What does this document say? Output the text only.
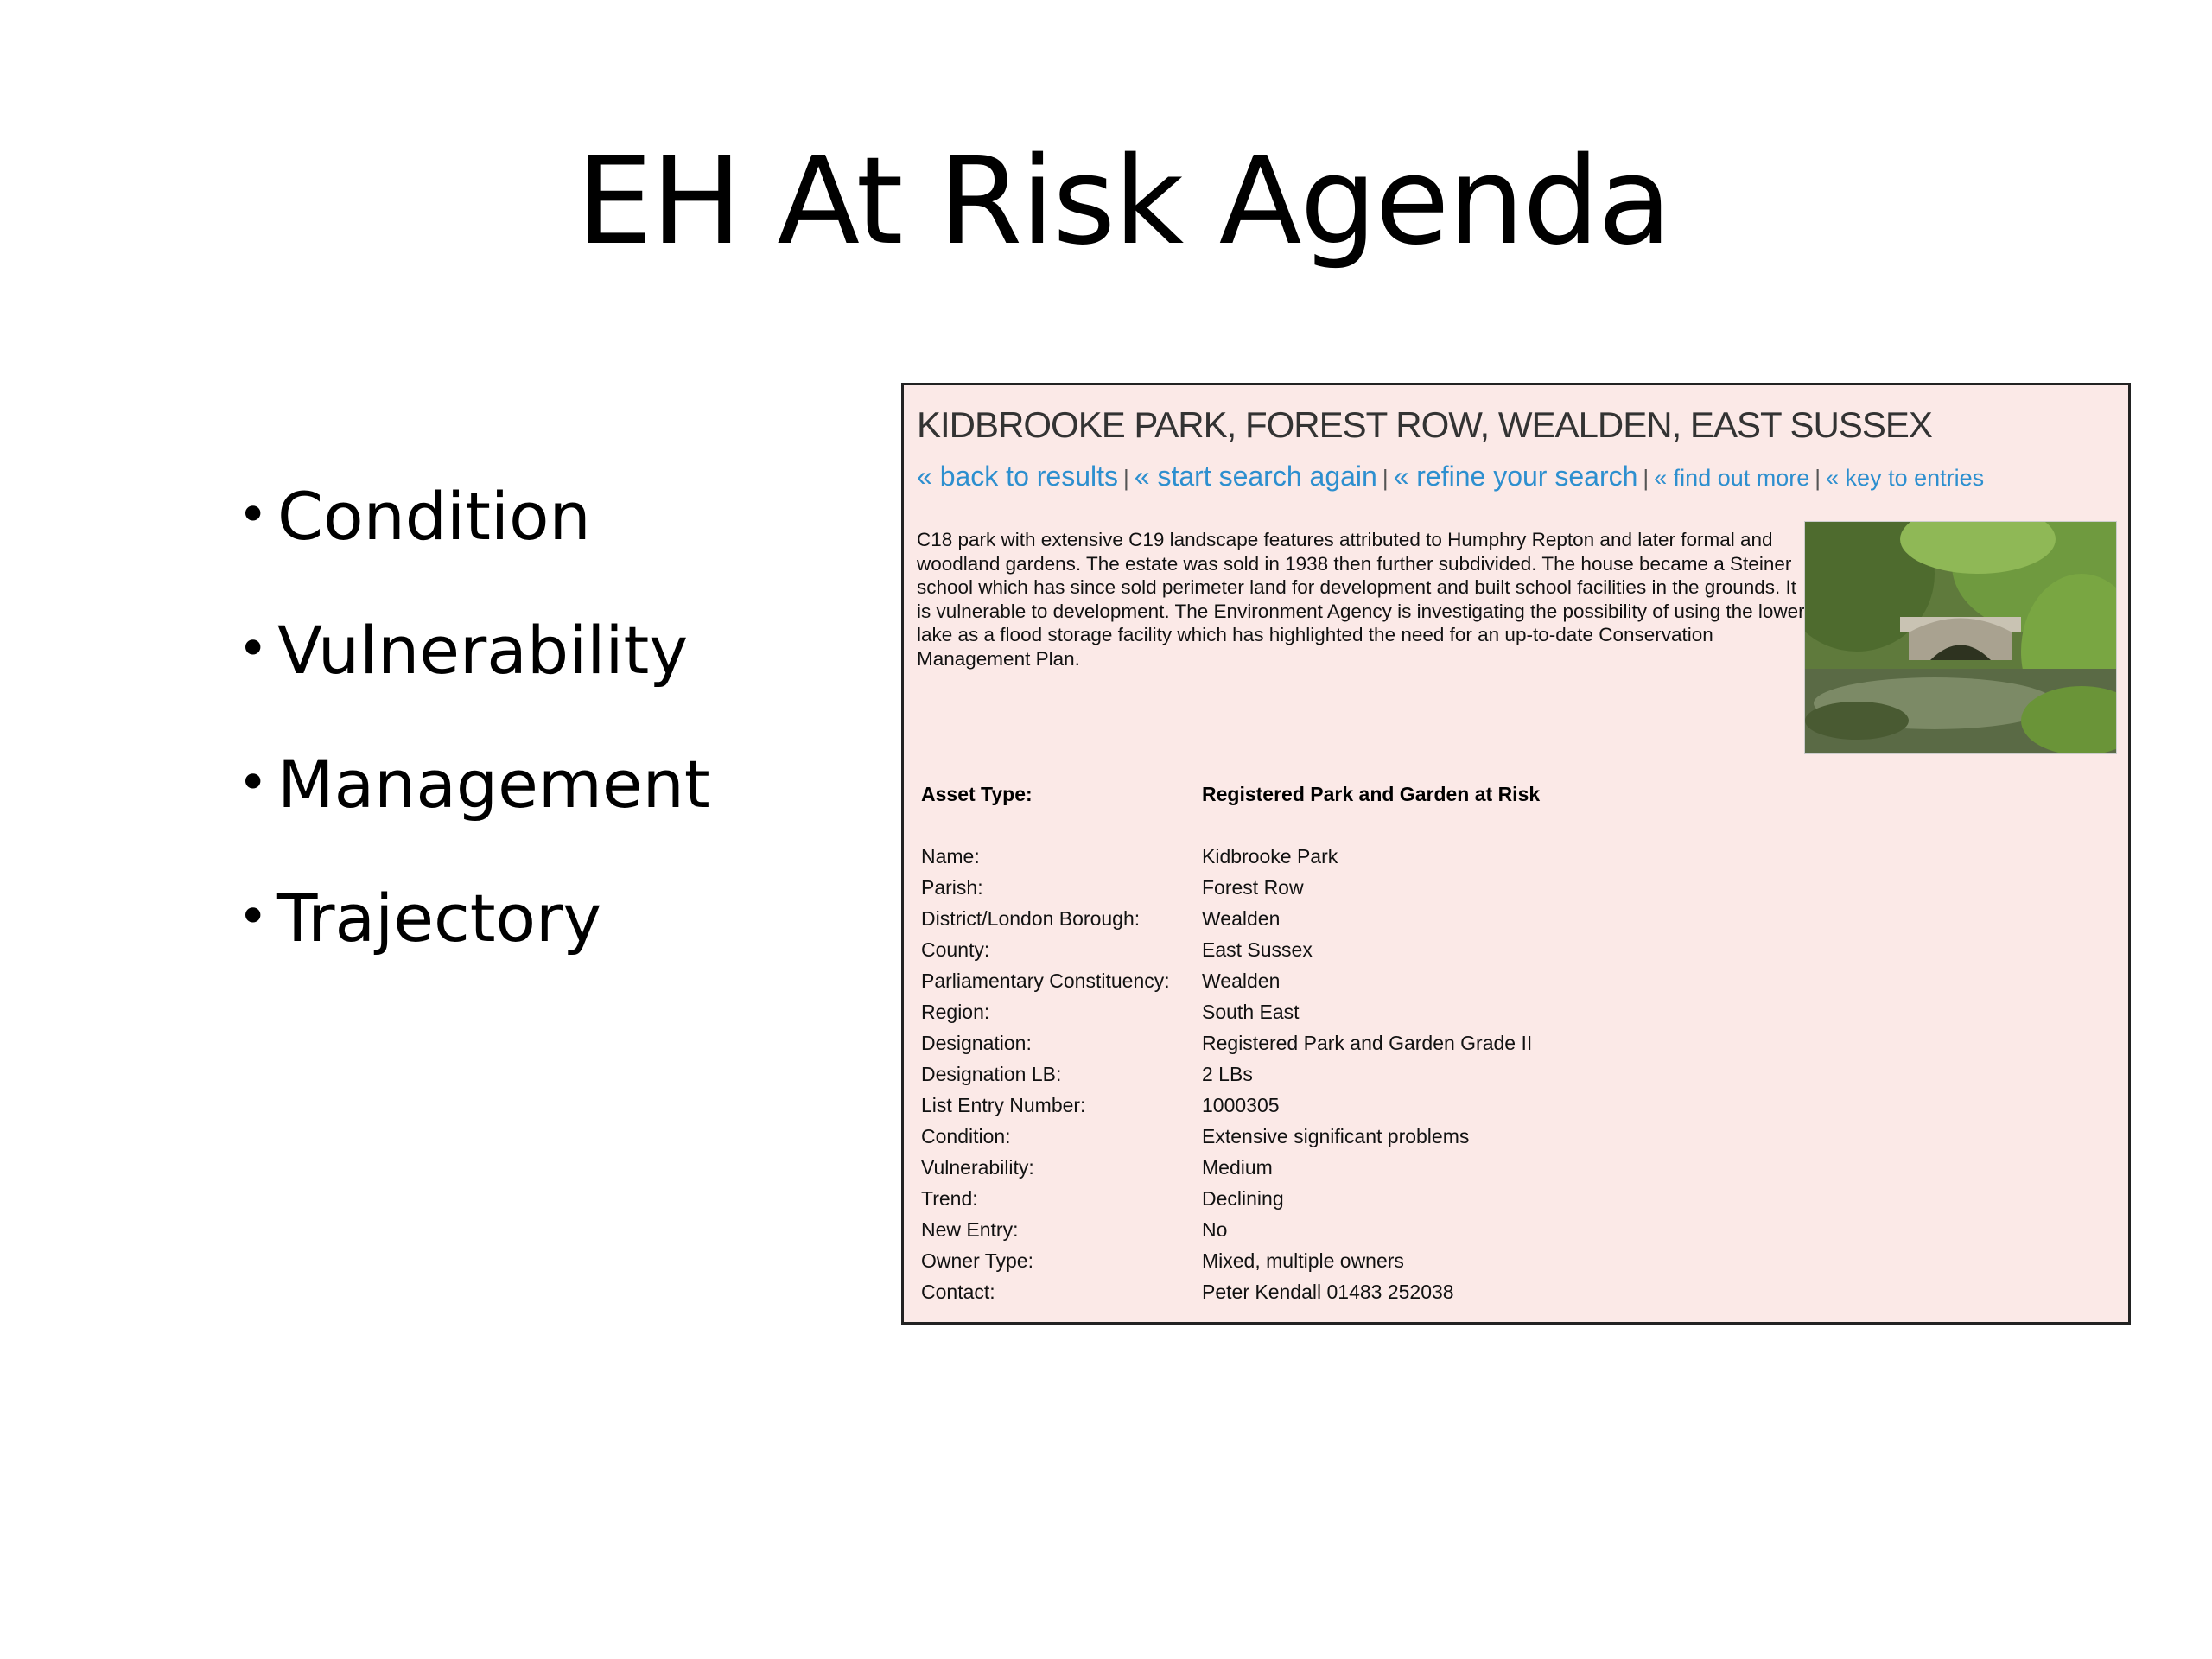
EH At Risk Agenda
• Condition
• Vulnerability
• Management
• Trajectory
KIDBROOKE PARK, FOREST ROW, WEALDEN, EAST SUSSEX
« back to results | « start search again | « refine your search | « find out more | « key to entries

C18 park with extensive C19 landscape features attributed to Humphry Repton and later formal and woodland gardens. The estate was sold in 1938 then further subdivided. The house became a Steiner school which has since sold perimeter land for development and built school facilities in the grounds. It is vulnerable to development. The Environment Agency is investigating the possibility of using the lower lake as a flood storage facility which has highlighted the need for an up-to-date Conservation Management Plan.

Asset Type:	Registered Park and Garden at Risk
Name:	Kidbrooke Park
Parish:	Forest Row
District/London Borough:	Wealden
County:	East Sussex
Parliamentary Constituency: Wealden
Region:	South East
Designation:	Registered Park and Garden Grade II
Designation LB:	2 LBs
List Entry Number:	1000305
Condition:	Extensive significant problems
Vulnerability:	Medium
Trend:	Declining
New Entry:	No
Owner Type:	Mixed, multiple owners
Contact:	Peter Kendall 01483 252038
